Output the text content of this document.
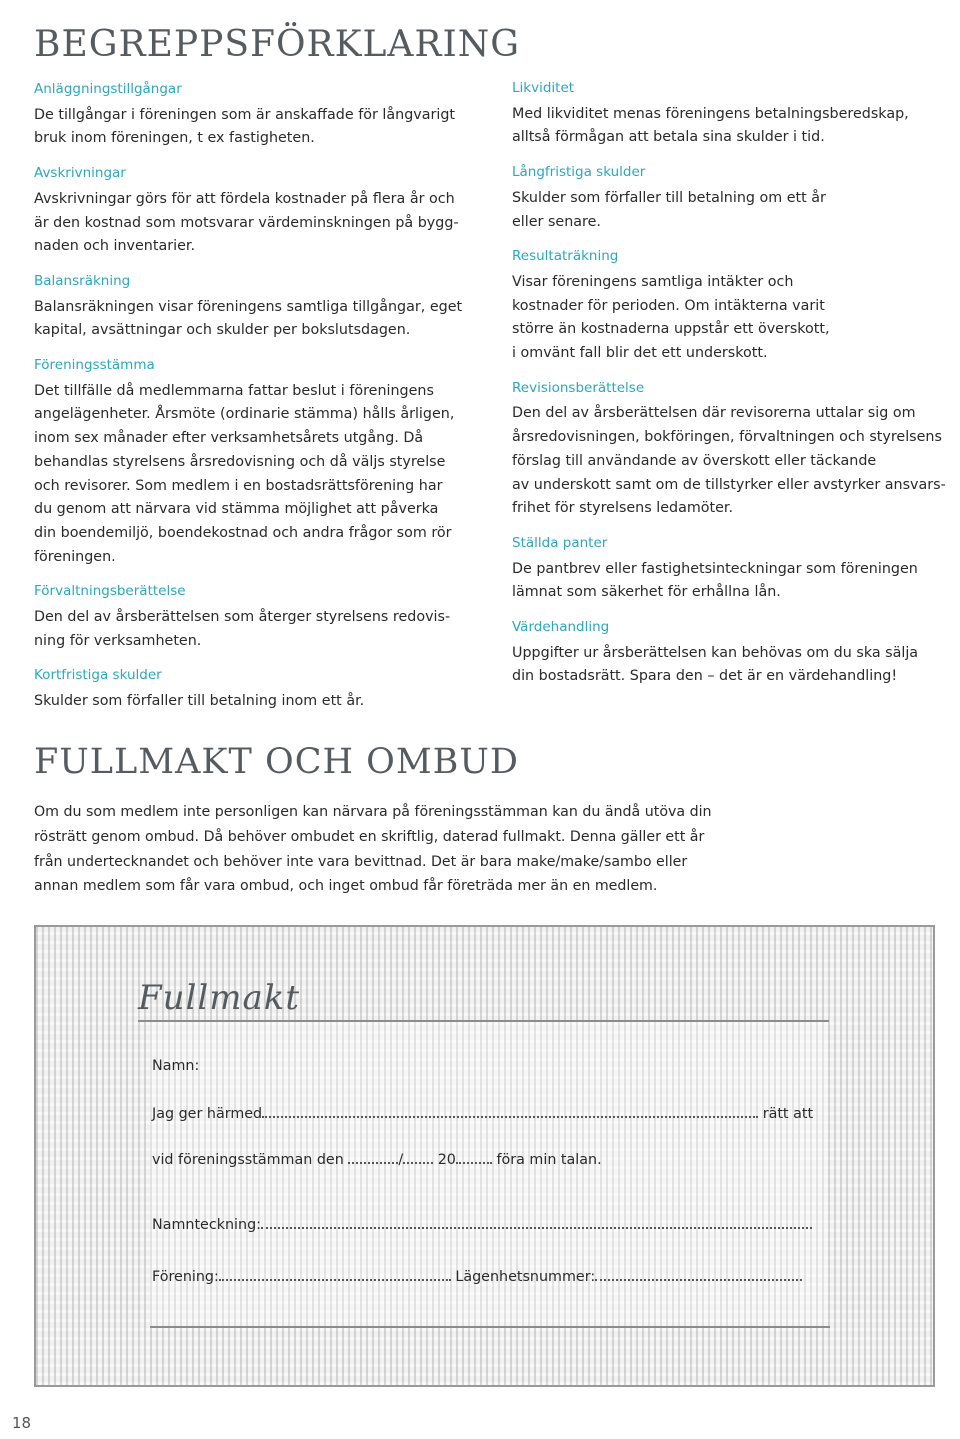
BEGREPPSFÖRKLARING

Anläggningstillgångar

De tillgångar i föreningen som är anskaffade för långvarigt
bruk inom föreningen, t ex fastigheten.

Avskrivningar

Avskrivningar görs för att fördela kostnader på flera år och
är den kostnad som motsvarar värdeminskningen på bygg-
naden och inventarier.

Balansräkning

Balansräkningen visar föreningens samtliga tillgångar, eget
kapital, avsättningar och skulder per bokslutsdagen.

Föreningsstämma

Det tillfälle då medlemmarna fattar beslut i föreningens
angelägenheter. Årsmöte (ordinarie stämma) hålls årligen,
inom sex månader efter verksamhetsårets utgång. Då
behandlas styrelsens årsredovisning och då väljs styrelse
och revisorer. Som medlem i en bostadsrättsförening har
du genom att närvara vid stämma möjlighet att påverka
din boendemiljö, boendekostnad och andra frågor som rör
föreningen.

Förvaltningsberättelse

Den del av årsberättelsen som återger styrelsens redovis-
ning för verksamheten.

Kortfristiga skulder

Skulder som förfaller till betalning inom ett år.

Likviditet

Med likviditet menas föreningens betalningsberedskap,
alltså förmågan att betala sina skulder i tid.

Långfristiga skulder

Skulder som förfaller till betalning om ett år
eller senare.

Resultaträkning

Visar föreningens samtliga intäkter och
kostnader för perioden. Om intäkterna varit
större än kostnaderna uppstår ett överskott,
i omvänt fall blir det ett underskott.

Revisionsberättelse

Den del av årsberättelsen där revisorerna uttalar sig om
årsredovisningen, bokföringen, förvaltningen och styrelsens
förslag till användande av överskott eller täckande
av underskott samt om de tillstyrker eller avstyrker ansvars-
frihet för styrelsens ledamöter.

Ställda panter

De pantbrev eller fastighetsinteckningar som föreningen
lämnat som säkerhet för erhållna lån.

Värdehandling

Uppgifter ur årsberättelsen kan behövas om du ska sälja
din bostadsrätt. Spara den – det är en värdehandling!

FULLMAKT OCH OMBUD
Om du som medlem inte personligen kan närvara på föreningsstämman kan du ändå utöva din
rösträtt genom ombud. Då behöver ombudet en skriftlig, daterad fullmakt. Denna gäller ett år
från undertecknandet och behöver inte vara bevittnad. Det är bara make/make/sambo eller
annan medlem som får vara ombud, och inget ombud får företräda mer än en medlem.
Fullmakt
Namn:
Jag ger härmed	rätt att
vid föreningsstämman den	/ 20	föra min talan.
Namnteckning:
Förening:	Lägenhetsnummer:
18
